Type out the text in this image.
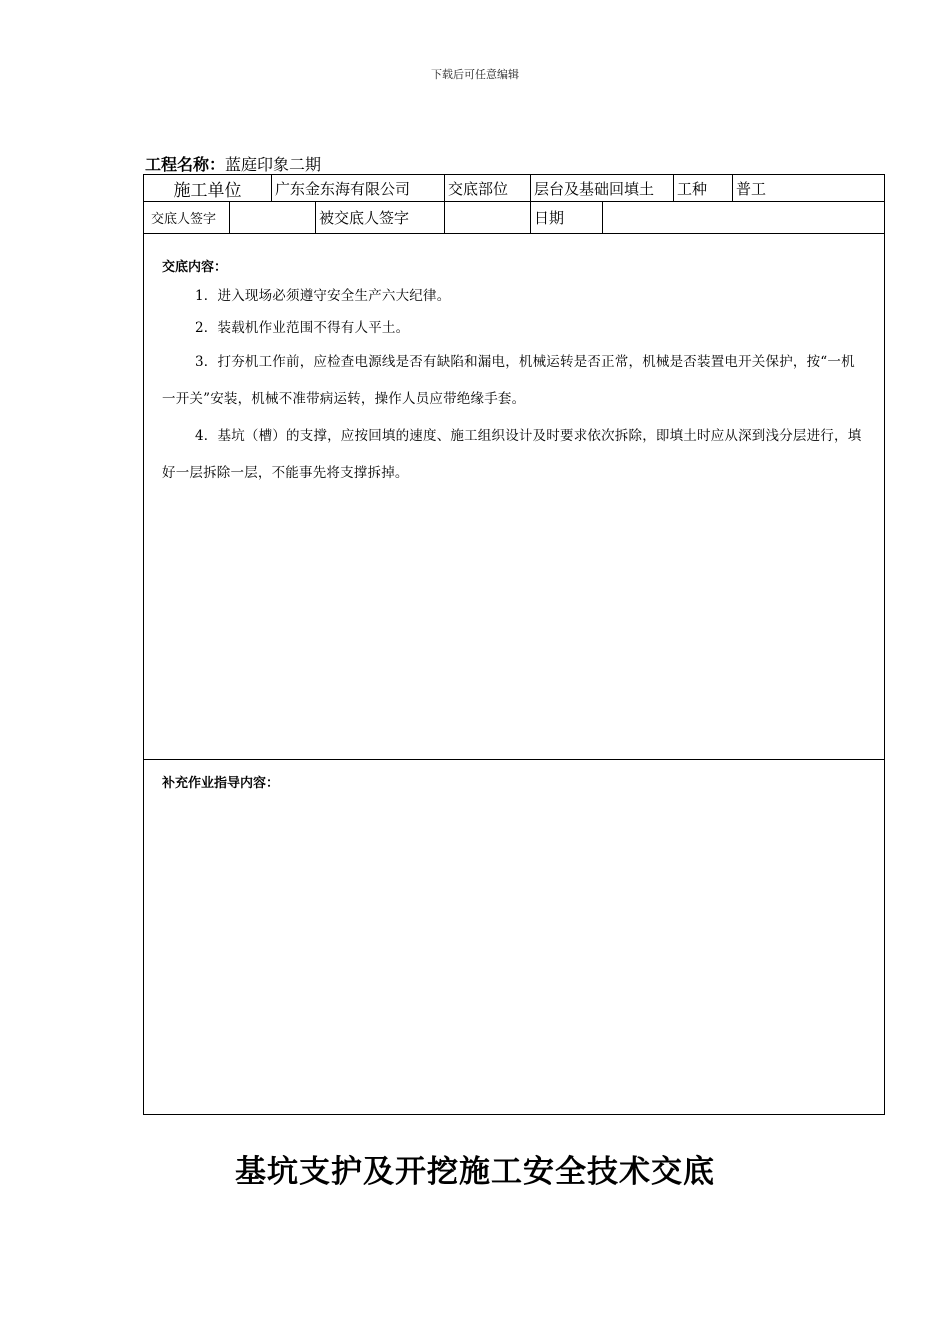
下载后可任意编辑
工程名称：蓝庭印象二期
施工单位	广东金东海有限公司	交底部位	层台及基础回填土	工种	普工
交底人签字	被交底人签字	日期
交底内容：

1．进入现场必须遵守安全生产六大纪律。

2．装载机作业范围不得有人平土。

3．打夯机工作前，应检查电源线是否有缺陷和漏电，机械运转是否正常，机械是否装置电开关保护，按“一机一开关”安装，机械不准带病运转，操作人员应带绝缘手套。

4．基坑（槽）的支撑，应按回填的速度、施工组织设计及时要求依次拆除，即填土时应从深到浅分层进行，填好一层拆除一层，不能事先将支撑拆掉。

补充作业指导内容：
基坑支护及开挖施工安全技术交底
